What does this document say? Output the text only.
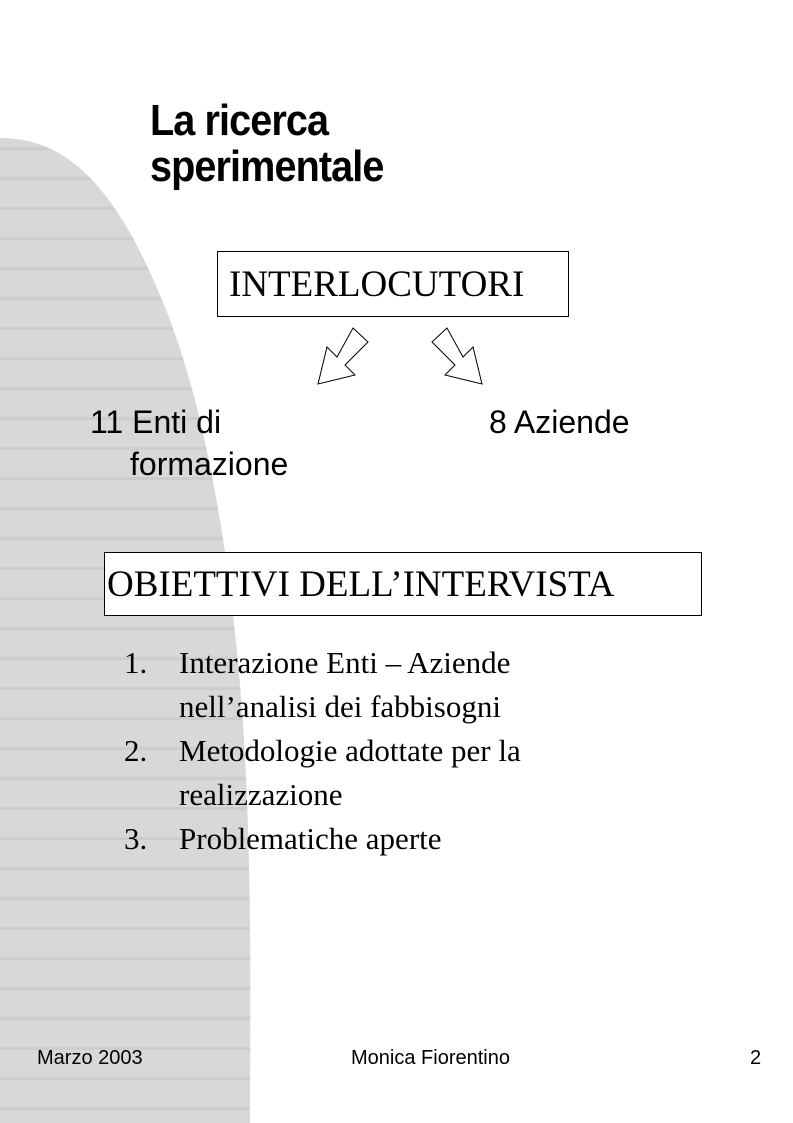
La ricerca
sperimentale
INTERLOCUTORI
11 Enti di
formazione
8 Aziende
OBIETTIVI DELL’INTERVISTA
1.	Interazione Enti – Aziende nell’analisi dei fabbisogni
2.	Metodologie adottate per la realizzazione
3.	Problematiche aperte
Marzo 2003	Monica Fiorentino	2
